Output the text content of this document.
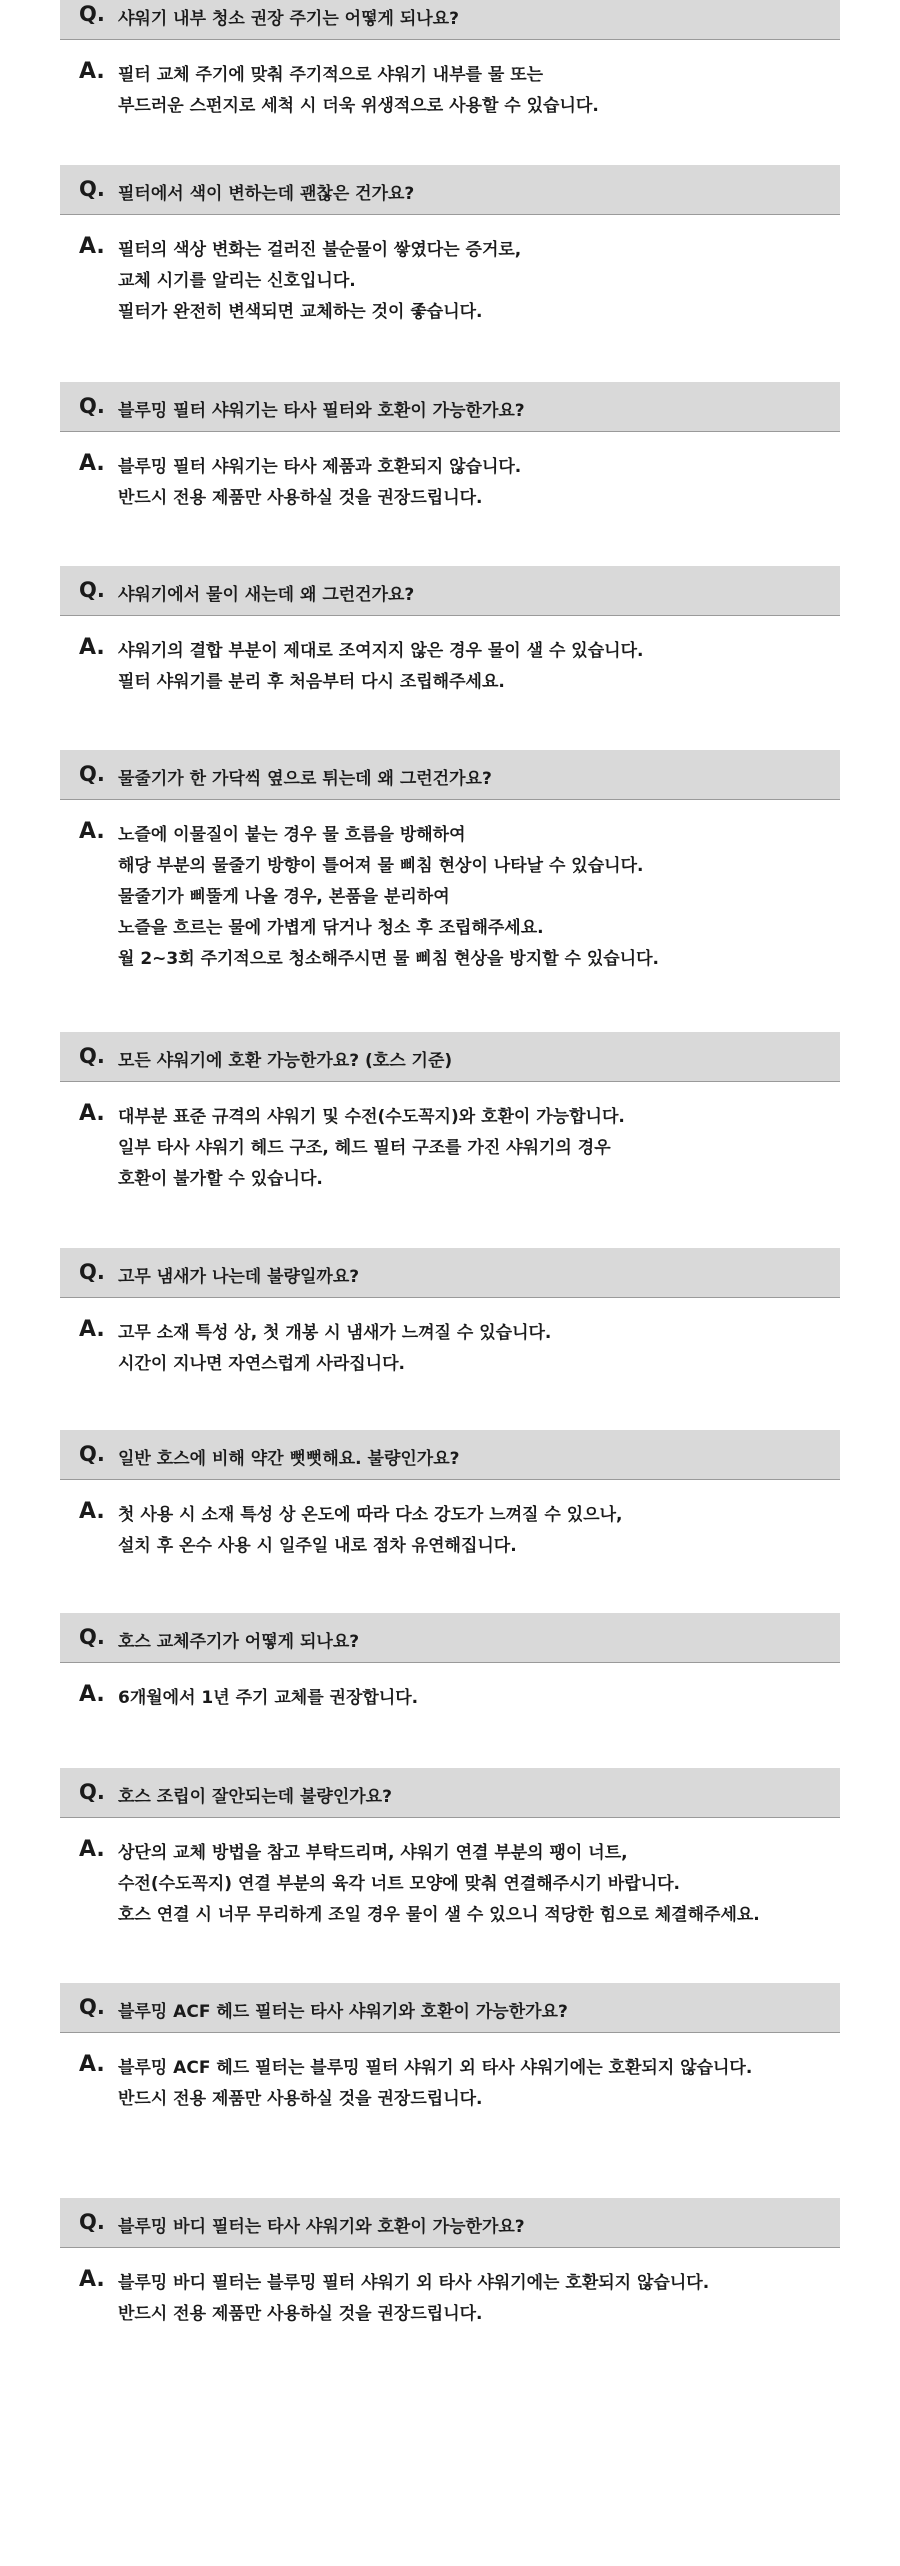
Q. 샤워기 내부 청소 권장 주기는 어떻게 되나요?
A. 필터 교체 주기에 맞춰 주기적으로 샤워기 내부를 물 또는
부드러운 스펀지로 세척 시 더욱 위생적으로 사용할 수 있습니다.
Q. 필터에서 색이 변하는데 괜찮은 건가요?
A. 필터의 색상 변화는 걸러진 불순물이 쌓였다는 증거로,
교체 시기를 알리는 신호입니다.
필터가 완전히 변색되면 교체하는 것이 좋습니다.
Q. 블루밍 필터 샤워기는 타사 필터와 호환이 가능한가요?
A. 블루밍 필터 샤워기는 타사 제품과 호환되지 않습니다.
반드시 전용 제품만 사용하실 것을 권장드립니다.
Q. 샤워기에서 물이 새는데 왜 그런건가요?
A. 샤워기의 결합 부분이 제대로 조여지지 않은 경우 물이 샐 수 있습니다.
필터 샤워기를 분리 후 처음부터 다시 조립해주세요.
Q. 물줄기가 한 가닥씩 옆으로 튀는데 왜 그런건가요?
A. 노즐에 이물질이 붙는 경우 물 흐름을 방해하여
해당 부분의 물줄기 방향이 틀어져 물 삐침 현상이 나타날 수 있습니다.
물줄기가 삐뚤게 나올 경우, 본품을 분리하여
노즐을 흐르는 물에 가볍게 닦거나 청소 후 조립해주세요.
월 2~3회 주기적으로 청소해주시면 물 삐침 현상을 방지할 수 있습니다.
Q. 모든 샤워기에 호환 가능한가요? (호스 기준)
A. 대부분 표준 규격의 샤워기 및 수전(수도꼭지)와 호환이 가능합니다.
일부 타사 샤워기 헤드 구조, 헤드 필터 구조를 가진 샤워기의 경우
호환이 불가할 수 있습니다.
Q. 고무 냄새가 나는데 불량일까요?
A. 고무 소재 특성 상, 첫 개봉 시 냄새가 느껴질 수 있습니다.
시간이 지나면 자연스럽게 사라집니다.
Q. 일반 호스에 비해 약간 뻣뻣해요. 불량인가요?
A. 첫 사용 시 소재 특성 상 온도에 따라 다소 강도가 느껴질 수 있으나,
설치 후 온수 사용 시 일주일 내로 점차 유연해집니다.
Q. 호스 교체주기가 어떻게 되나요?
A. 6개월에서 1년 주기 교체를 권장합니다.
Q. 호스 조립이 잘안되는데 불량인가요?
A. 상단의 교체 방법을 참고 부탁드리며, 샤워기 연결 부분의 팽이 너트,
수전(수도꼭지) 연결 부분의 육각 너트 모양에 맞춰 연결해주시기 바랍니다.
호스 연결 시 너무 무리하게 조일 경우 물이 샐 수 있으니 적당한 힘으로 체결해주세요.
Q. 블루밍 ACF 헤드 필터는 타사 샤워기와 호환이 가능한가요?
A. 블루밍 ACF 헤드 필터는 블루밍 필터 샤워기 외 타사 샤워기에는 호환되지 않습니다.
반드시 전용 제품만 사용하실 것을 권장드립니다.
Q. 블루밍 바디 필터는 타사 샤워기와 호환이 가능한가요?
A. 블루밍 바디 필터는 블루밍 필터 샤워기 외 타사 샤워기에는 호환되지 않습니다.
반드시 전용 제품만 사용하실 것을 권장드립니다.
